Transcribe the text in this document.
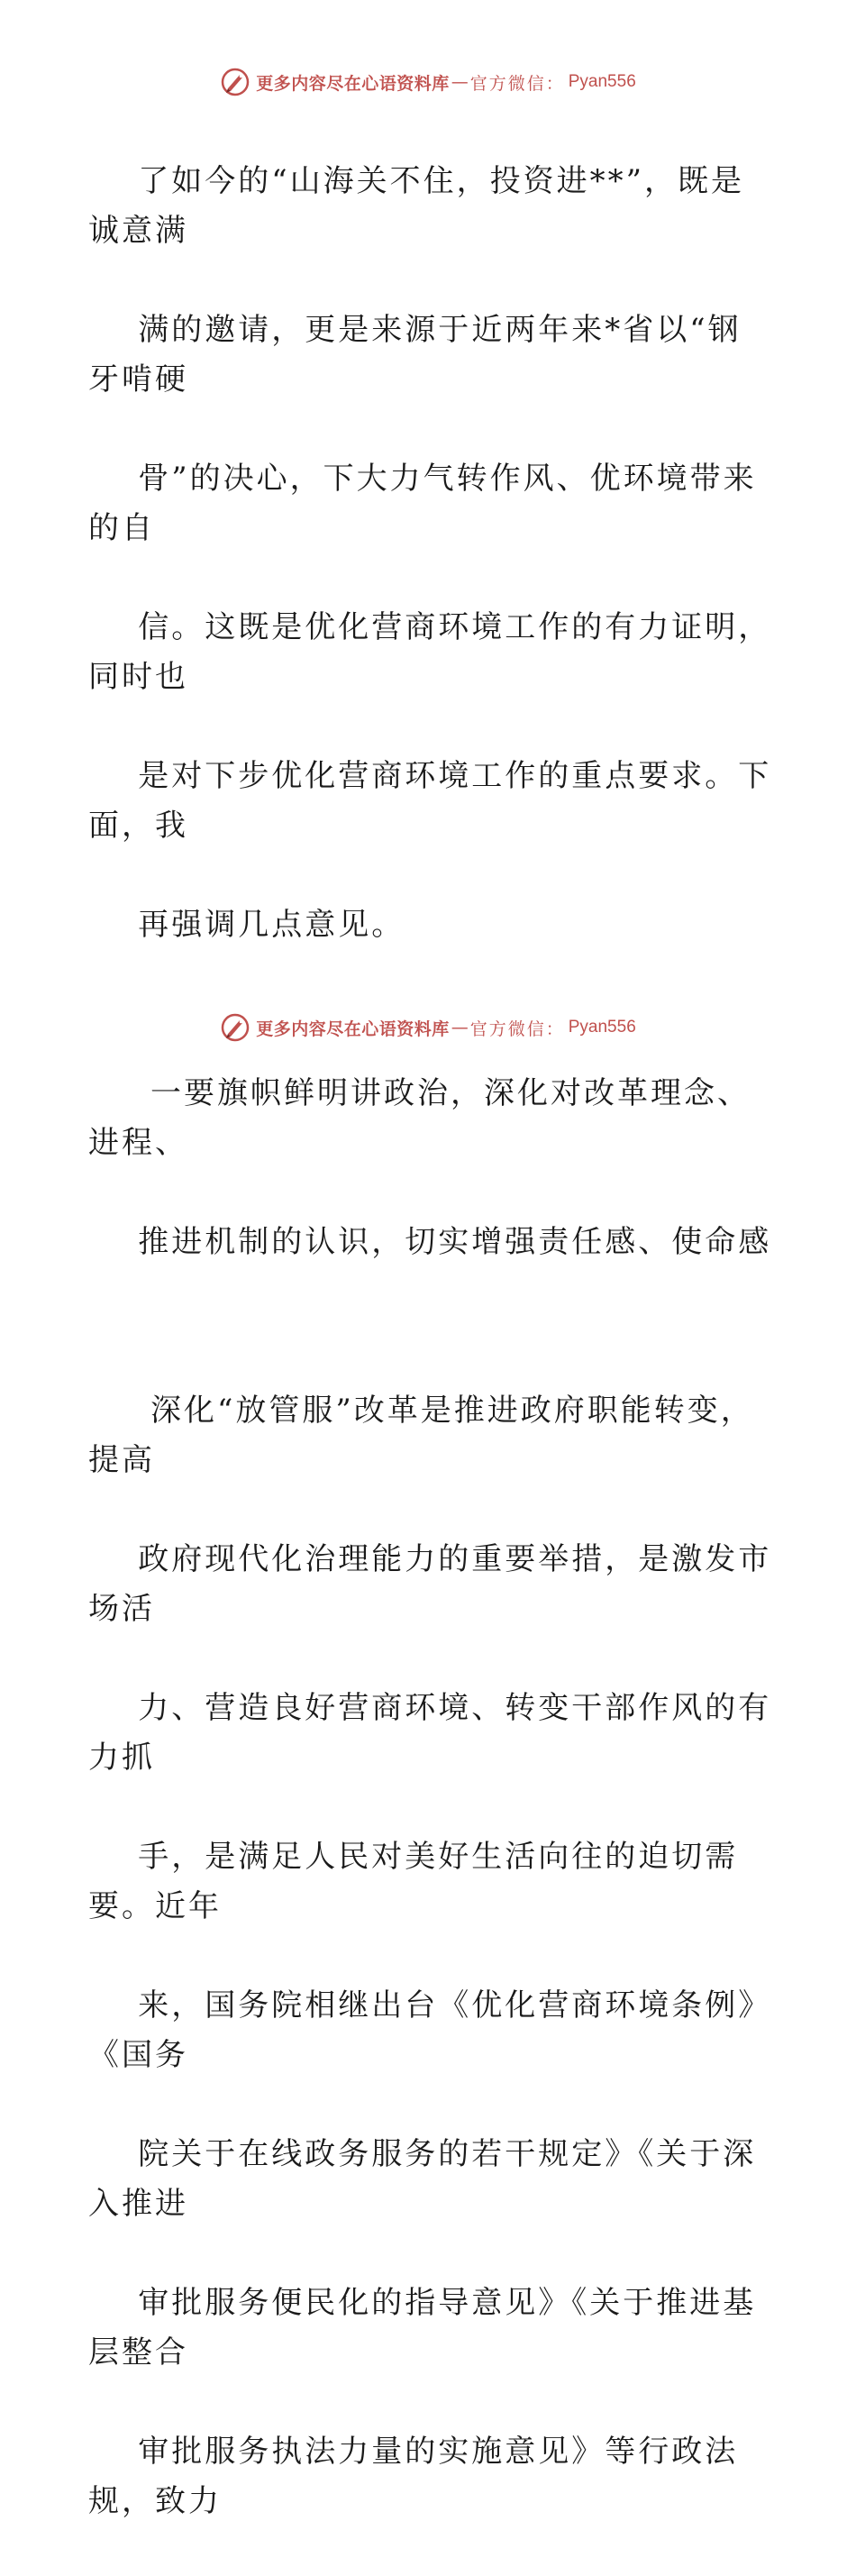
更多内容尽在心语资料库 — 官方微信： Pyan556

了如今的“山海关不住，投资进**”，既是诚意满

满的邀请，更是来源于近两年来*省以“钢牙啃硬

骨”的决心，下大力气转作风、优环境带来的自

信。这既是优化营商环境工作的有力证明，同时也

是对下步优化营商环境工作的重点要求。下面，我

再强调几点意见。

一要旗帜鲜明讲政治，深化对改革理念、进程、

推进机制的认识，切实增强责任感、使命感

深化“放管服”改革是推进政府职能转变，提高

政府现代化治理能力的重要举措，是激发市场活

力、营造良好营商环境、转变干部作风的有力抓

手，是满足人民对美好生活向往的迫切需要。近年

来，国务院相继出台《优化营商环境条例》《国务

院关于在线政务服务的若干规定》《关于深入推进

审批服务便民化的指导意见》《关于推进基层整合

审批服务执法力量的实施意见》等行政法规，致力

更多内容尽在心语资料库 — 官方微信： Pyan556
